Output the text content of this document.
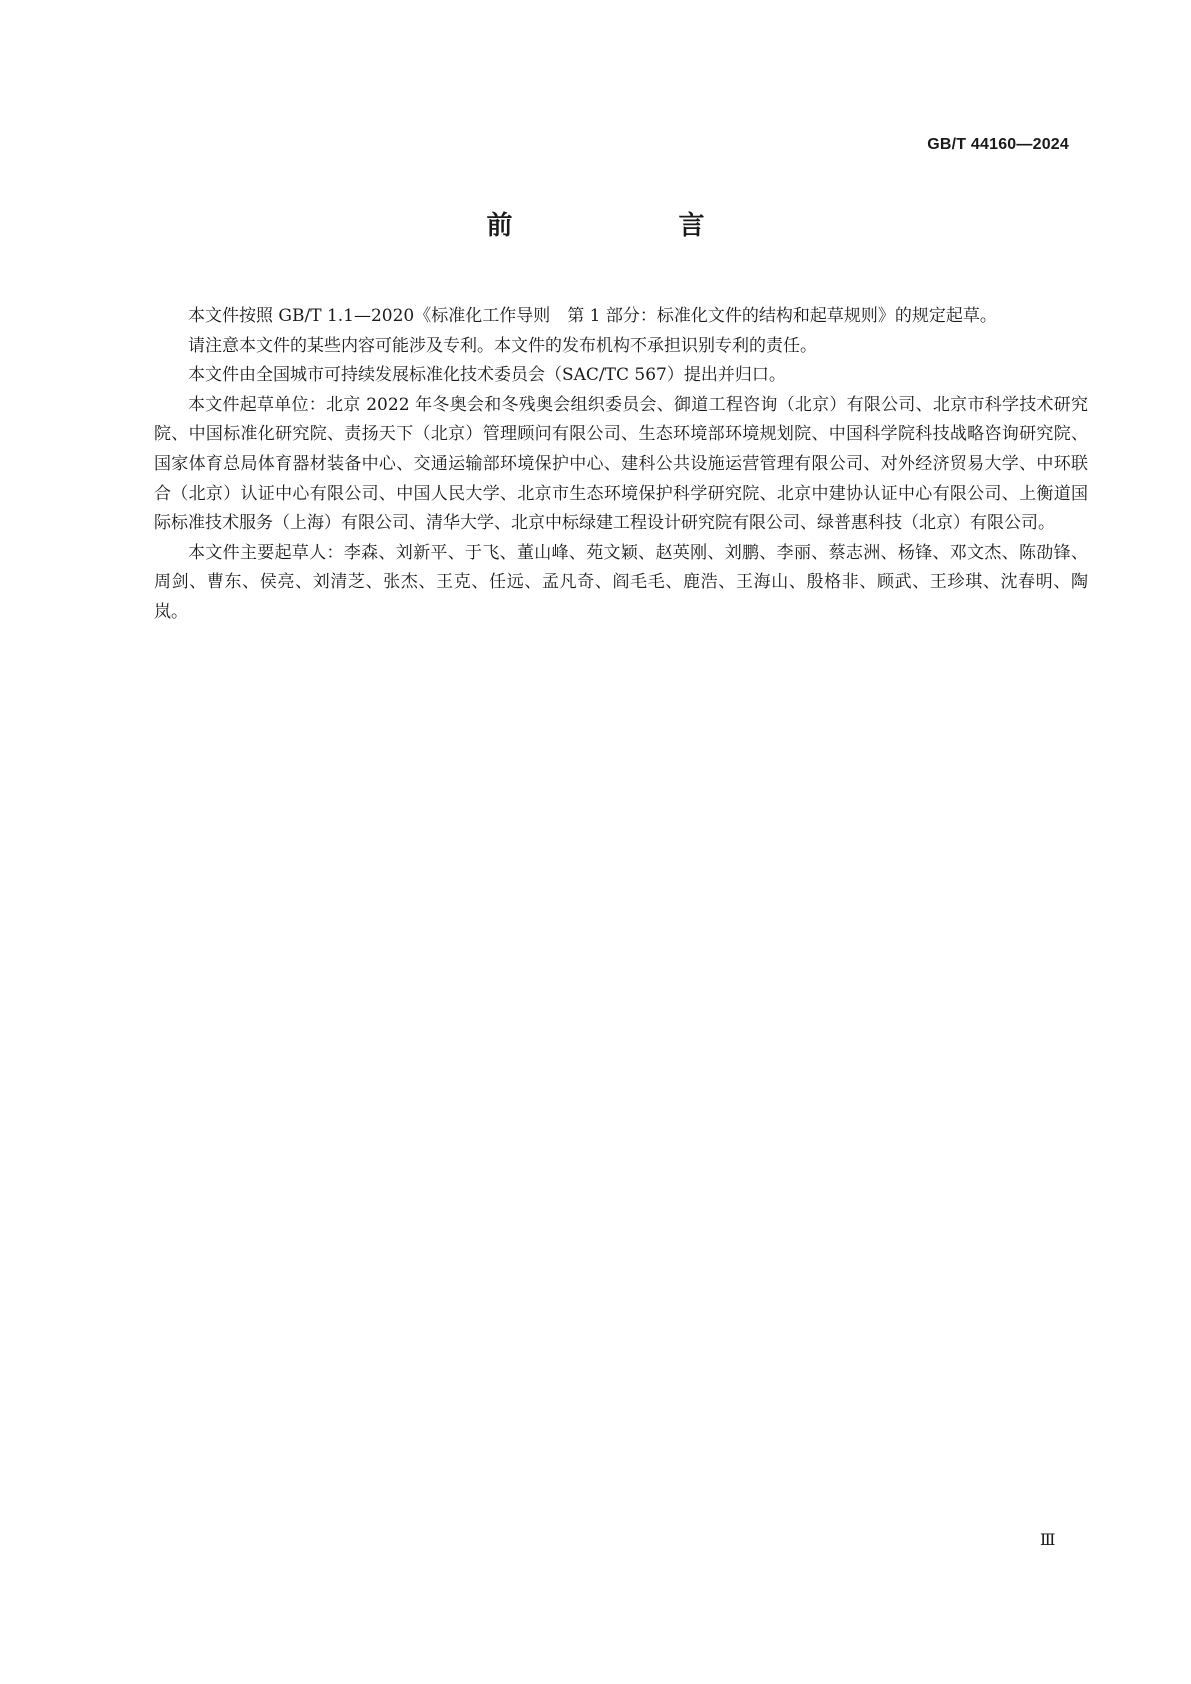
GB/T 44160—2024
前　言

本文件按照 GB/T 1.1—2020《标准化工作导则　第 1 部分：标准化文件的结构和起草规则》的规定起草。

请注意本文件的某些内容可能涉及专利。本文件的发布机构不承担识别专利的责任。

本文件由全国城市可持续发展标准化技术委员会（SAC/TC 567）提出并归口。

本文件起草单位：北京 2022 年冬奥会和冬残奥会组织委员会、御道工程咨询（北京）有限公司、北京市科学技术研究院、中国标准化研究院、责扬天下（北京）管理顾问有限公司、生态环境部环境规划院、中国科学院科技战略咨询研究院、国家体育总局体育器材装备中心、交通运输部环境保护中心、建科公共设施运营管理有限公司、对外经济贸易大学、中环联合（北京）认证中心有限公司、中国人民大学、北京市生态环境保护科学研究院、北京中建协认证中心有限公司、上衡道国际标准技术服务（上海）有限公司、清华大学、北京中标绿建工程设计研究院有限公司、绿普惠科技（北京）有限公司。

本文件主要起草人：李森、刘新平、于飞、董山峰、苑文颖、赵英刚、刘鹏、李丽、蔡志洲、杨锋、邓文杰、陈劭锋、周剑、曹东、侯亮、刘清芝、张杰、王克、任远、孟凡奇、阎毛毛、鹿浩、王海山、殷格非、顾武、王珍琪、沈春明、陶岚。

Ⅲ
